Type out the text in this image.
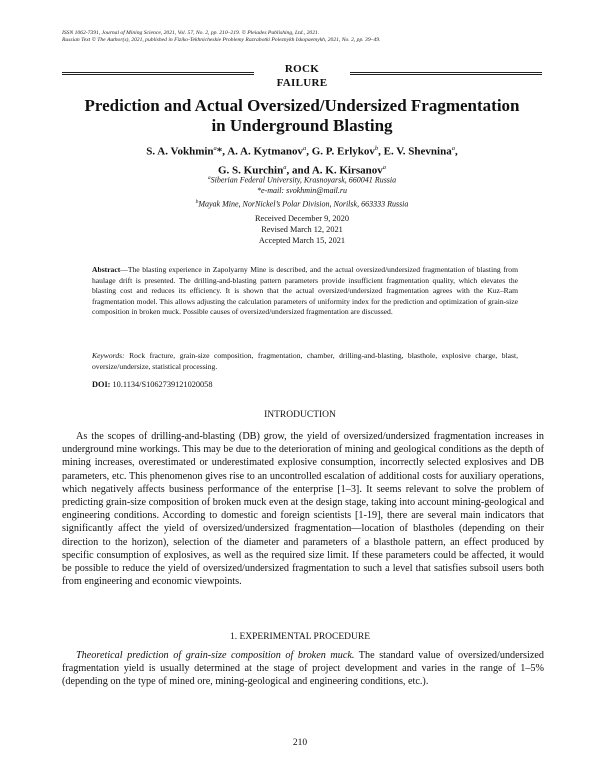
ISSN 1062-7391, Journal of Mining Science, 2021, Vol. 57, No. 2, pp. 210–219. © Pleiades Publishing, Ltd., 2021.
Russian Text © The Author(s), 2021, published in Fiziko-Tekhnicheskie Problemy Razrabotki Poleznykh Iskopaemykh, 2021, No. 2, pp. 39–49.
ROCK
FAILURE
Prediction and Actual Oversized/Undersized Fragmentation
in Underground Blasting
S. A. Vokhmin$^a$*, A. A. Kytmanov$^a$, G. P. Erlykov$^b$, E. V. Shevnina$^a$,
G. S. Kurchin$^a$, and A. K. Kirsanov$^a$
$^a$Siberian Federal University, Krasnoyarsk, 660041 Russia
*e-mail: svokhmin@mail.ru
$^b$Mayak Mine, NorNickel’s Polar Division, Norilsk, 663333 Russia
Received December 9, 2020
Revised March 12, 2021
Accepted March 15, 2021
Abstract—The blasting experience in Zapolyarny Mine is described, and the actual oversized/undersized fragmentation of blasting from haulage drift is presented. The drilling-and-blasting pattern parameters provide insufficient fragmentation quality, which elevates the blasting cost and reduces its efficiency. It is shown that the actual oversized/undersized fragmentation agrees with the Kuz–Ram fragmentation model. This allows adjusting the calculation parameters of uniformity index for the prediction and optimization of grain-size composition in broken muck. Possible causes of oversized/undersized fragmentation are discussed.
Keywords: Rock fracture, grain-size composition, fragmentation, chamber, drilling-and-blasting, blasthole, explosive charge, blast, oversize/undersize, statistical processing.
DOI: 10.1134/S1062739121020058
INTRODUCTION
As the scopes of drilling-and-blasting (DB) grow, the yield of oversized/undersized fragmentation increases in underground mine workings. This may be due to the deterioration of mining and geological conditions as the depth of mining increases, overestimated or underestimated explosive consumption, incorrectly selected explosives and DB parameters, etc. This phenomenon gives rise to an uncontrolled escalation of additional costs for auxiliary operations, which negatively affects business performance of the enterprise [1–3]. It seems relevant to solve the problem of predicting grain-size composition of broken muck even at the design stage, taking into account mining-geological and engineering conditions. According to domestic and foreign scientists [1-19], there are several main indicators that significantly affect the yield of oversized/undersized fragmentation—location of blastholes (depending on their direction to the horizon), selection of the diameter and parameters of a blasthole pattern, an effect produced by specific consumption of explosives, as well as the required size limit. If these parameters could be affected, it would be possible to reduce the yield of oversized/undersized fragmentation to such a level that satisfies subsoil users both from engineering and economic viewpoints.
1. EXPERIMENTAL PROCEDURE
Theoretical prediction of grain-size composition of broken muck. The standard value of oversized/undersized fragmentation yield is usually determined at the stage of project development and varies in the range of 1–5% (depending on the type of mined ore, mining-geological and engineering conditions, etc.).
210
